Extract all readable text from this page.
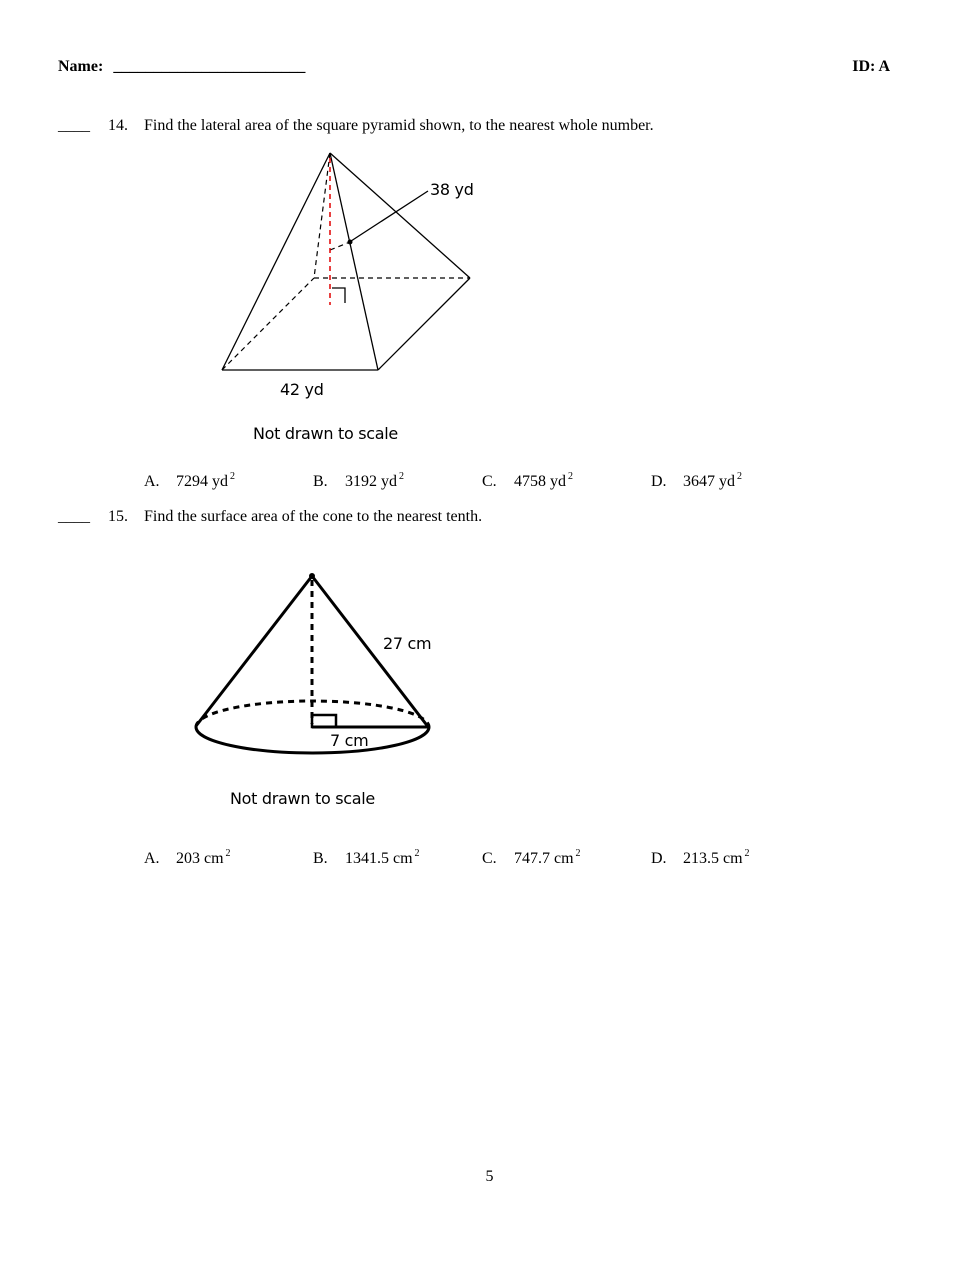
Name: ________________________	ID: A
____ 14. Find the lateral area of the square pyramid shown, to the nearest whole number.
38 yd
42 yd
Not drawn to scale
A. 7294 yd $^2$	B. 3192 yd $^2$	C. 4758 yd $^2$	D. 3647 yd $^2$
____ 15. Find the surface area of the cone to the nearest tenth.
27 cm
7 cm
Not drawn to scale
A. 203 cm $^2$	B. 1341.5 cm $^2$	C. 747.7 cm $^2$	D. 213.5 cm $^2$
5
